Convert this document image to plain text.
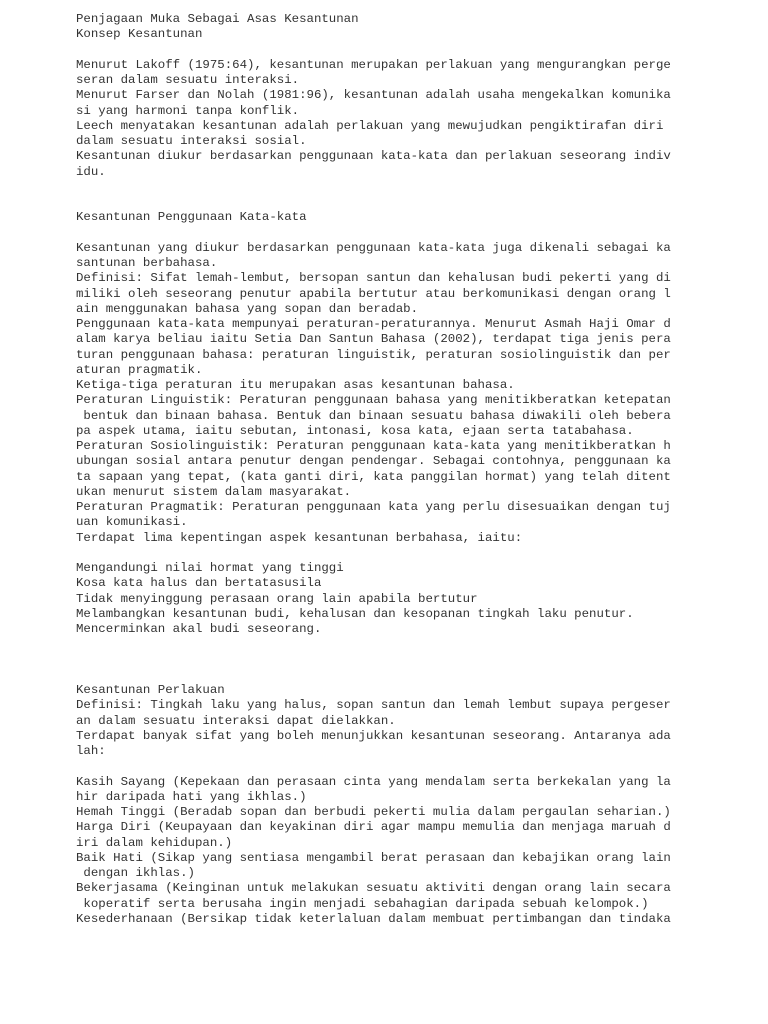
Penjagaan Muka Sebagai Asas Kesantunan
Konsep Kesantunan
Menurut Lakoff (1975:64), kesantunan merupakan perlakuan yang mengurangkan perge
seran dalam sesuatu interaksi.
Menurut Farser dan Nolah (1981:96), kesantunan adalah usaha mengekalkan komunika
si yang harmoni tanpa konflik.
Leech menyatakan kesantunan adalah perlakuan yang mewujudkan pengiktirafan diri
dalam sesuatu interaksi sosial.
Kesantunan diukur berdasarkan penggunaan kata-kata dan perlakuan seseorang indiv
idu.
Kesantunan Penggunaan Kata-kata
Kesantunan yang diukur berdasarkan penggunaan kata-kata juga dikenali sebagai ka
santunan berbahasa.
Definisi: Sifat lemah-lembut, bersopan santun dan kehalusan budi pekerti yang di
miliki oleh seseorang penutur apabila bertutur atau berkomunikasi dengan orang l
ain menggunakan bahasa yang sopan dan beradab.
Penggunaan kata-kata mempunyai peraturan-peraturannya. Menurut Asmah Haji Omar d
alam karya beliau iaitu Setia Dan Santun Bahasa (2002), terdapat tiga jenis pera
turan penggunaan bahasa: peraturan linguistik, peraturan sosiolinguistik dan per
aturan pragmatik.
Ketiga-tiga peraturan itu merupakan asas kesantunan bahasa.
Peraturan Linguistik: Peraturan penggunaan bahasa yang menitikberatkan ketepatan
bentuk dan binaan bahasa. Bentuk dan binaan sesuatu bahasa diwakili oleh bebera
pa aspek utama, iaitu sebutan, intonasi, kosa kata, ejaan serta tatabahasa.
Peraturan Sosiolinguistik: Peraturan penggunaan kata-kata yang menitikberatkan h
ubungan sosial antara penutur dengan pendengar. Sebagai contohnya, penggunaan ka
ta sapaan yang tepat, (kata ganti diri, kata panggilan hormat) yang telah ditent
ukan menurut sistem dalam masyarakat.
Peraturan Pragmatik: Peraturan penggunaan kata yang perlu disesuaikan dengan tuj
uan komunikasi.
Terdapat lima kepentingan aspek kesantunan berbahasa, iaitu:
Mengandungi nilai hormat yang tinggi
Kosa kata halus dan bertatasusila
Tidak menyinggung perasaan orang lain apabila bertutur
Melambangkan kesantunan budi, kehalusan dan kesopanan tingkah laku penutur.
Mencerminkan akal budi seseorang.
Kesantunan Perlakuan
Definisi: Tingkah laku yang halus, sopan santun dan lemah lembut supaya pergeser
an dalam sesuatu interaksi dapat dielakkan.
Terdapat banyak sifat yang boleh menunjukkan kesantunan seseorang. Antaranya ada
lah:
Kasih Sayang (Kepekaan dan perasaan cinta yang mendalam serta berkekalan yang la
hir daripada hati yang ikhlas.)
Hemah Tinggi (Beradab sopan dan berbudi pekerti mulia dalam pergaulan seharian.)
Harga Diri (Keupayaan dan keyakinan diri agar mampu memulia dan menjaga maruah d
iri dalam kehidupan.)
Baik Hati (Sikap yang sentiasa mengambil berat perasaan dan kebajikan orang lain
dengan ikhlas.)
Bekerjasama (Keinginan untuk melakukan sesuatu aktiviti dengan orang lain secara
koperatif serta berusaha ingin menjadi sebahagian daripada sebuah kelompok.)
Kesederhanaan (Bersikap tidak keterlaluan dalam membuat pertimbangan dan tindaka
